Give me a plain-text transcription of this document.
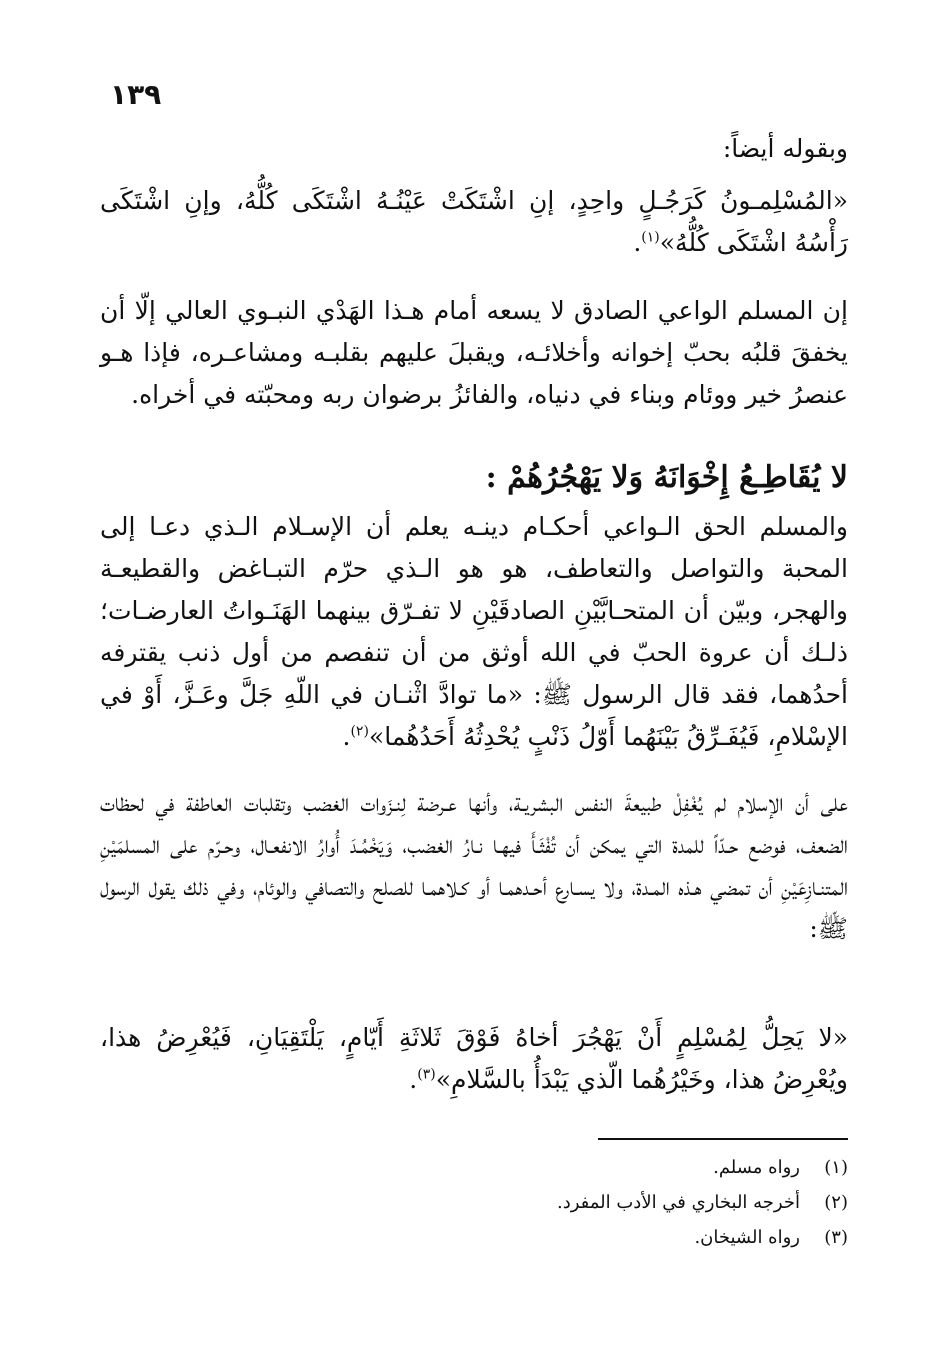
١٣٩
وبقوله أيضاً:
«المُسْلِمـونُ كَرَجُـلٍ واحِدٍ، إنِ اشْتَكَتْ عَيْنُـهُ اشْتَكَى كُلُّهُ، وإنِ اشْتَكَى رَأْسُهُ اشْتَكَى كُلُّهُ»$^{(١)}$.
إن المسلم الواعي الصادق لا يسعه أمام هـذا الهَدْي النبـوي العالي إلّا أن يخفقَ قلبُه بحبّ إخوانه وأخلائـه، ويقبلَ عليهم بقلبـه ومشاعـره، فإذا هـو عنصرُ خير ووئام وبناء في دنياه، والفائزُ برضوان ربه ومحبّته في أخراه.
لا يُقَاطِـعُ إِخْوَانَهُ وَلا يَهْجُرُهُمْ :
والمسلم الحق الـواعي أحكـام دينـه يعلم أن الإسـلام الـذي دعـا إلى المحبة والتواصل والتعاطف، هو هو الـذي حرّم التبـاغض والقطيعـة والهجر، وبيّن أن المتحـابَّيْنِ الصادقَيْنِ لا تفـرّق بينهما الهَنَـواتُ العارضـات؛ ذلـك أن عروة الحبّ في الله أوثق من أن تنفصم من أول ذنب يقترفه أحدُهما، فقد قال الرسول ﷺ: «ما توادَّ اثْنـان في اللّهِ جَلَّ وعَـزَّ، أَوْ في الإسْلامِ، فَيُفَـرِّقُ بَيْنَهُما أَوّلُ ذَنْبٍ يُحْدِثُهُ أَحَدُهُما»$^{(٢)}$.
على أن الإسلام لم يُغْفِلْ طبيعةَ النفس البشريـة، وأنها عـرضة لِنـزَوات الغضب وتقلبات العاطفة في لحظات الضعف، فوضع حـدّاً للمدة التي يمكن أن تُفْثَـأَ فيهـا نـارُ الغضب، وَيَخْمُـدَ أُوارُ الانفعـال، وحـرّم على المسلمَيْنِ المتنـازِعَيْنِ أن تمضي هـذه المـدة، ولا يسـارع أحـدهمـا أو كـلاهمـا للصلح والتصافي والوئام، وفي ذلك يقول الرسول ﷺ:
«لا يَحِلُّ لِمُسْلِمٍ أَنْ يَهْجُرَ أخاهُ فَوْقَ ثَلاثَةِ أَيّامٍ، يَلْتَقِيَانِ، فَيُعْرِضُ هذا، ويُعْرِضُ هذا، وخَيْرُهُما الّذي يَبْدَأُ بالسَّلامِ»$^{(٣)}$.
(١)
رواه مسلم.
(٢)
أخرجه البخاري في الأدب المفرد.
(٣)
رواه الشيخان.
